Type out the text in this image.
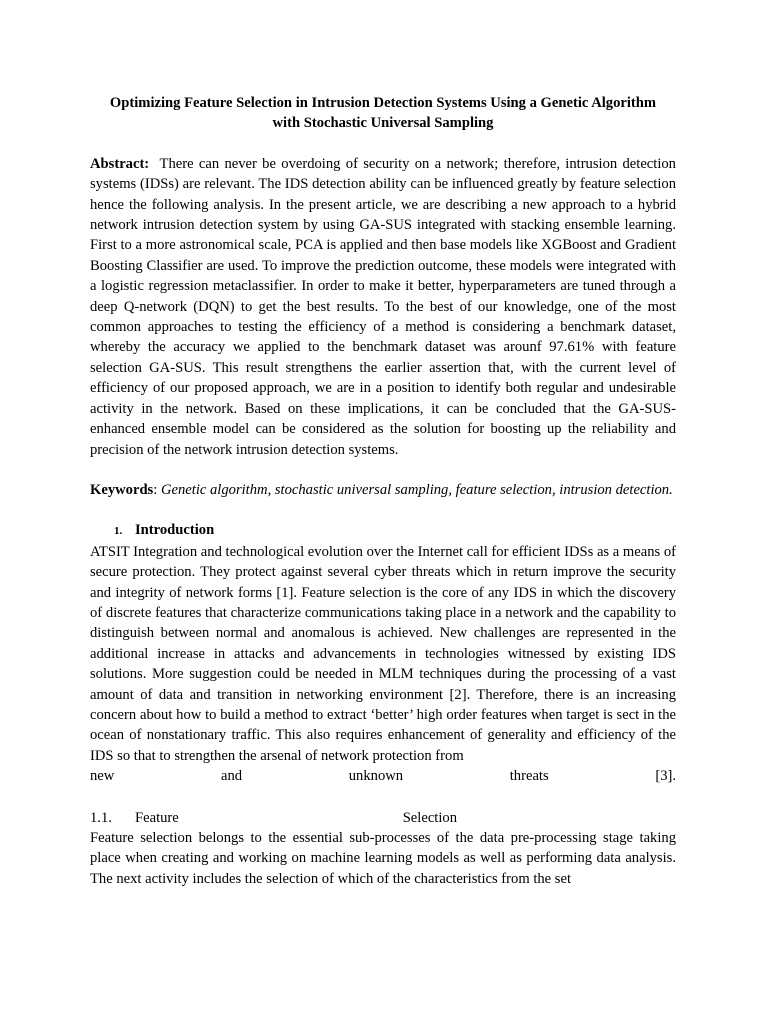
Optimizing Feature Selection in Intrusion Detection Systems Using a Genetic Algorithm
with Stochastic Universal Sampling
Abstract: There can never be overdoing of security on a network; therefore, intrusion detection systems (IDSs) are relevant. The IDS detection ability can be influenced greatly by feature selection hence the following analysis. In the present article, we are describing a new approach to a hybrid network intrusion detection system by using GA-SUS integrated with stacking ensemble learning. First to a more astronomical scale, PCA is applied and then base models like XGBoost and Gradient Boosting Classifier are used. To improve the prediction outcome, these models were integrated with a logistic regression metaclassifier. In order to make it better, hyperparameters are tuned through a deep Q-network (DQN) to get the best results. To the best of our knowledge, one of the most common approaches to testing the efficiency of a method is considering a benchmark dataset, whereby the accuracy we applied to the benchmark dataset was arounf 97.61% with feature selection GA-SUS. This result strengthens the earlier assertion that, with the current level of efficiency of our proposed approach, we are in a position to identify both regular and undesirable activity in the network. Based on these implications, it can be concluded that the GA-SUS-enhanced ensemble model can be considered as the solution for boosting up the reliability and precision of the network intrusion detection systems.
Keywords: Genetic algorithm, stochastic universal sampling, feature selection, intrusion detection.
1. Introduction
ATSIT Integration and technological evolution over the Internet call for efficient IDSs as a means of secure protection. They protect against several cyber threats which in return improve the security and integrity of network forms [1]. Feature selection is the core of any IDS in which the discovery of discrete features that characterize communications taking place in a network and the capability to distinguish between normal and anomalous is achieved. New challenges are represented in the additional increase in attacks and advancements in technologies witnessed by existing IDS solutions. More suggestion could be needed in MLM techniques during the processing of a vast amount of data and transition in networking environment [2]. Therefore, there is an increasing concern about how to build a method to extract ‘better’ high order features when target is sect in the ocean of nonstationary traffic. This also requires enhancement of generality and efficiency of the IDS so that to strengthen the arsenal of network protection from
new	and	unknown	threats	[3].
1.1.	Feature	Selection
Feature selection belongs to the essential sub-processes of the data pre-processing stage taking place when creating and working on machine learning models as well as performing data analysis. The next activity includes the selection of which of the characteristics from the set
